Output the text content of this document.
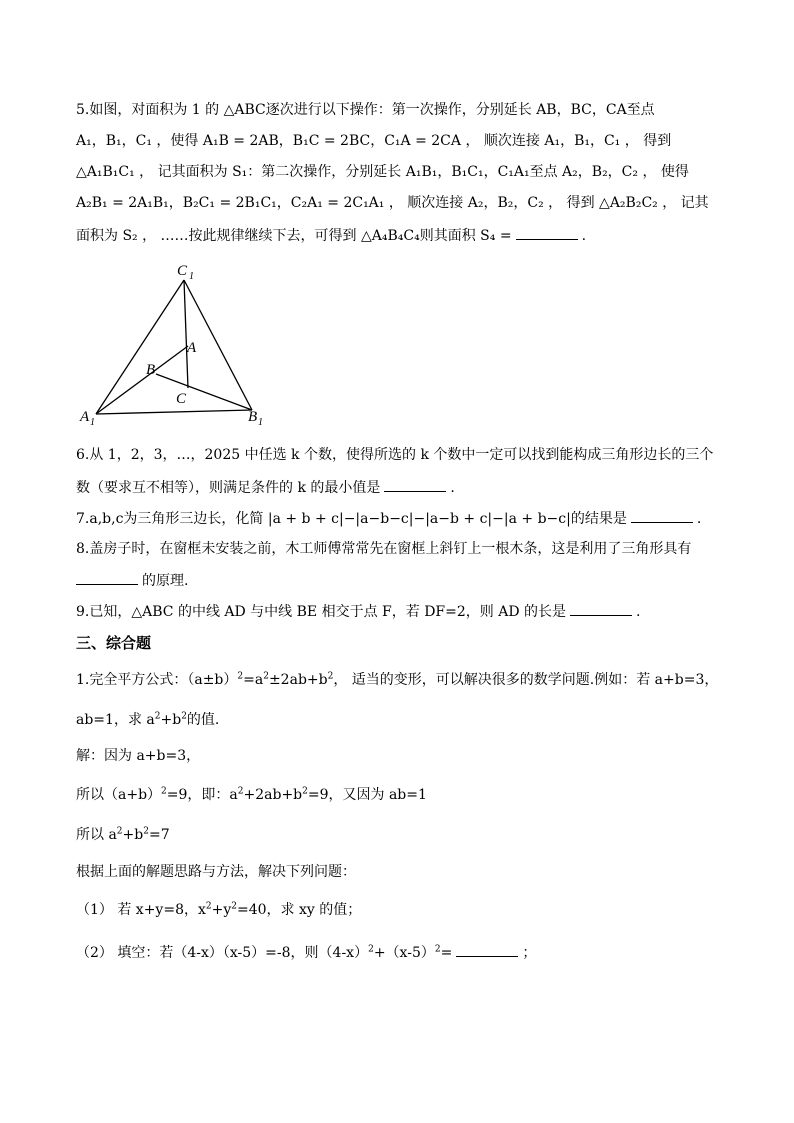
5.如图，对面积为 1 的 △ABC逐次进行以下操作：第一次操作，分别延长 AB，BC，CA至点
A₁，B₁，C₁ ，使得 A₁B = 2AB，B₁C = 2BC，C₁A = 2CA ， 顺次连接 A₁，B₁，C₁ ， 得到
△A₁B₁C₁ ， 记其面积为 S₁：第二次操作，分别延长 A₁B₁，B₁C₁，C₁A₁至点 A₂，B₂，C₂ ， 使得
A₂B₁ = 2A₁B₁，B₂C₁ = 2B₁C₁，C₂A₁ = 2C₁A₁ ， 顺次连接 A₂，B₂，C₂ ， 得到 △A₂B₂C₂ ， 记其
面积为 S₂ ， ……按此规律继续下去，可得到 △A₄B₄C₄则其面积 S₄ =	.
C 1
A 1	B 1
A
B
C
6.从 1，2，3，…，2025 中任选 k 个数，使得所选的 k 个数中一定可以找到能构成三角形边长的三个
数（要求互不相等），则满足条件的 k 的最小值是	.
7.a,b,c为三角形三边长，化简 |a + b + c|−|a−b−c|−|a−b + c|−|a + b−c|的结果是	.
8.盖房子时，在窗框未安装之前，木工师傅常常先在窗框上斜钉上一根木条，这是利用了三角形具有
的原理.
9.已知，△ABC 的中线 AD 与中线 BE 相交于点 F，若 DF=2，则 AD 的长是	.
三、综合题
1.完全平方公式：$(a\pm b)^2=a^2\pm 2ab+b^2$， 适当的变形，可以解决很多的数学问题.例如：若 a+b=3，
ab=1，求 $a^2+b^2$的值.
解：因为 a+b=3，
所以$(a+b)^2=9$，即：$a^2+2ab+b^2=9$，又因为 ab=1
所以 $a^2+b^2=7$
根据上面的解题思路与方法，解决下列问题：
（1） 若 x+y=8，$x^2+y^2=40$，求 xy 的值；
（2） 填空：若（4-x）（x-5）=-8，则$(4-x)^2+(x-5)^2=$	；
